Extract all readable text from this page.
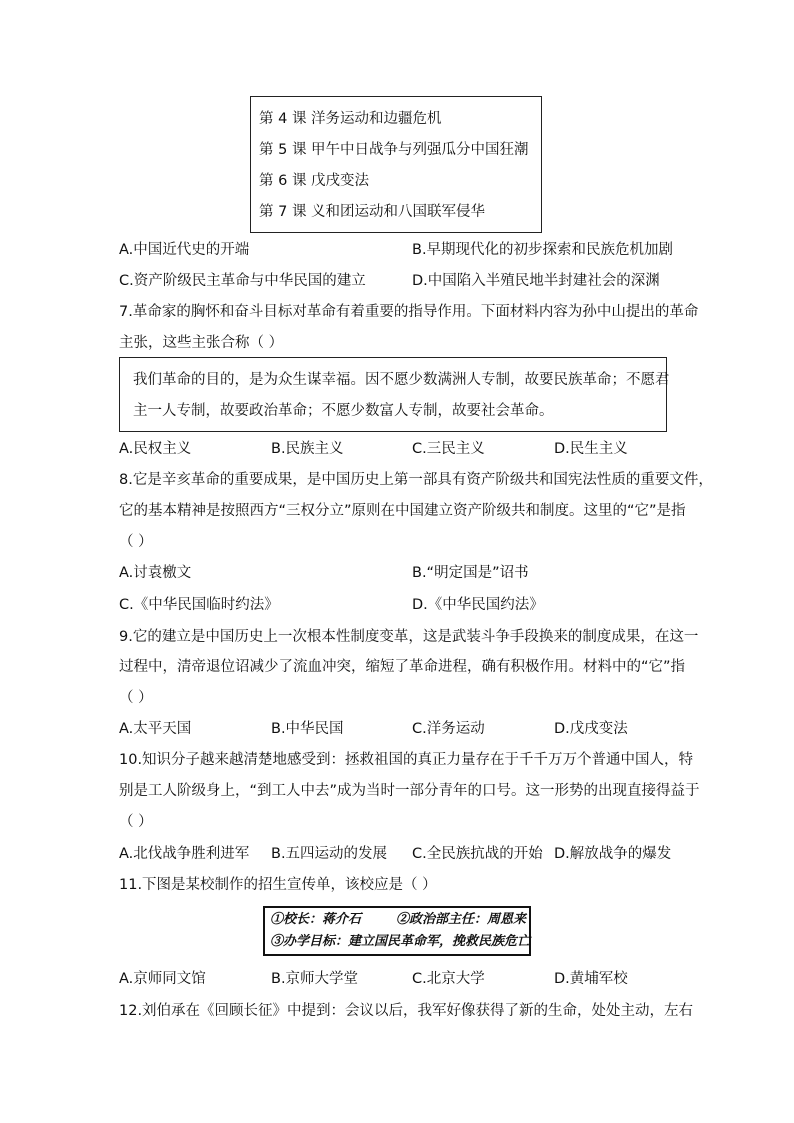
第 4 课 洋务运动和边疆危机
第 5 课 甲午中日战争与列强瓜分中国狂潮
第 6 课 戊戌变法
第 7 课 义和团运动和八国联军侵华
A.中国近代史的开端	B.早期现代化的初步探索和民族危机加剧
C.资产阶级民主革命与中华民国的建立	D.中国陷入半殖民地半封建社会的深渊
7.革命家的胸怀和奋斗目标对革命有着重要的指导作用。下面材料内容为孙中山提出的革命
主张，这些主张合称（ ）
我们革命的目的，是为众生谋幸福。因不愿少数满洲人专制，故要民族革命；不愿君
主一人专制，故要政治革命；不愿少数富人专制，故要社会革命。
A.民权主义	B.民族主义	C.三民主义	D.民生主义
8.它是辛亥革命的重要成果，是中国历史上第一部具有资产阶级共和国宪法性质的重要文件，
它的基本精神是按照西方“三权分立”原则在中国建立资产阶级共和制度。这里的“它”是指
（ ）
A.讨袁檄文	B.“明定国是”诏书
C.《中华民国临时约法》	D.《中华民国约法》
9.它的建立是中国历史上一次根本性制度变革，这是武装斗争手段换来的制度成果，在这一
过程中，清帝退位诏减少了流血冲突，缩短了革命进程，确有积极作用。材料中的“它”指
（ ）
A.太平天国	B.中华民国	C.洋务运动	D.戊戌变法
10.知识分子越来越清楚地感受到：拯救祖国的真正力量存在于千千万万个普通中国人，特
别是工人阶级身上，“到工人中去”成为当时一部分青年的口号。这一形势的出现直接得益于
（ ）
A.北伐战争胜利进军 B.五四运动的发展 C.全民族抗战的开始 D.解放战争的爆发
11.下图是某校制作的招生宣传单，该校应是（ ）
①校长：蒋介石	②政治部主任：周恩来
③办学目标：建立国民革命军，挽救民族危亡
A.京师同文馆	B.京师大学堂	C.北京大学	D.黄埔军校
12.刘伯承在《回顾长征》中提到：会议以后，我军好像获得了新的生命，处处主动，左右
